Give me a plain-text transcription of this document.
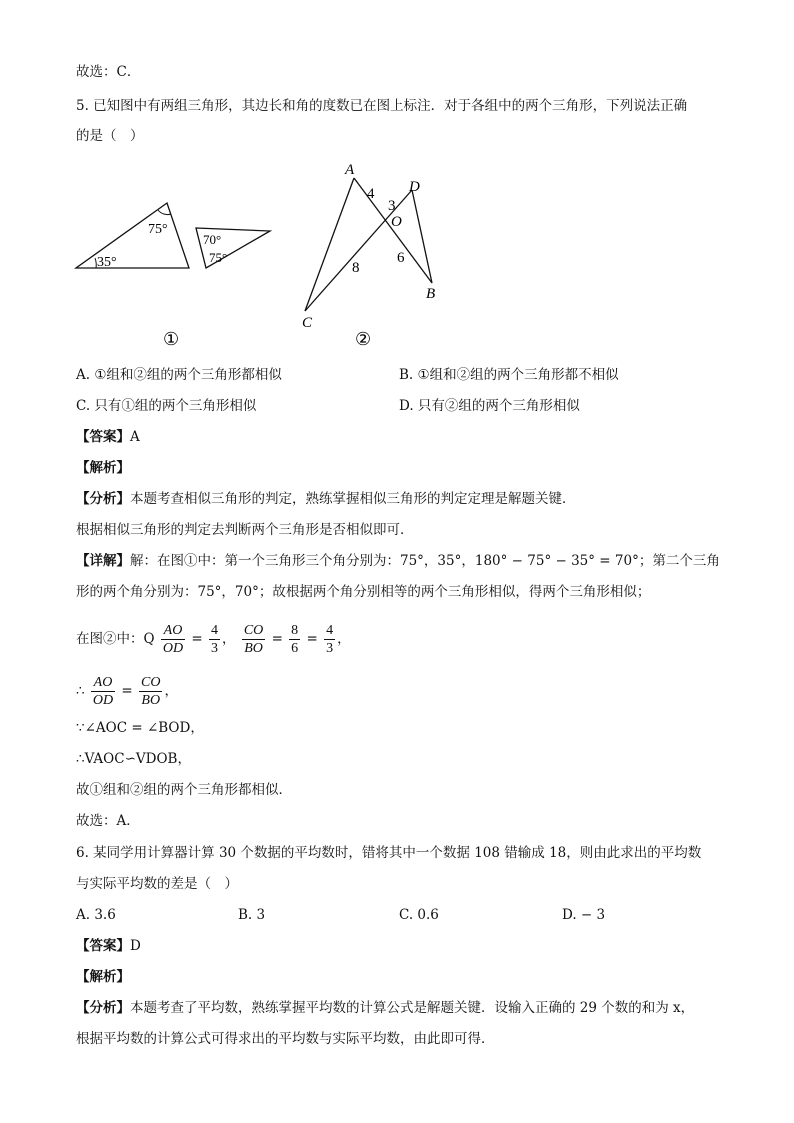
故选：C．
5. 已知图中有两组三角形，其边长和角的度数已在图上标注．对于各组中的两个三角形，下列说法正确
的是（　）
75°
35°
70°
75°
①
A
D
O
B
C
4
3
6
8
②
A. ①组和②组的两个三角形都相似	B. ①组和②组的两个三角形都不相似
C. 只有①组的两个三角形相似	D. 只有②组的两个三角形相似
【答案】A
【解析】
【分析】本题考查相似三角形的判定，熟练掌握相似三角形的判定定理是解题关键．
根据相似三角形的判定去判断两个三角形是否相似即可．
【详解】解：在图①中：第一个三角形三个角分别为：75°，35°，180° − 75° − 35° = 70°；第二个三角
形的两个角分别为：75°，70°；故根据两个角分别相等的两个三角形相似，得两个三角形相似；
在图②中：Q $\frac{AO}{OD} = \frac{4}{3}$ ， $\frac{CO}{BO} = \frac{8}{6} = \frac{4}{3}$ ，
∴ $\frac{AO}{OD} = \frac{CO}{BO}$ ，
∵∠AOC = ∠BOD，
∴VAOC∽VDOB，
故①组和②组的两个三角形都相似．
故选：A．
6. 某同学用计算器计算 30 个数据的平均数时，错将其中一个数据 108 错输成 18，则由此求出的平均数
与实际平均数的差是（　）
A. 3.6	B. 3	C. 0.6	D. − 3
【答案】D
【解析】
【分析】本题考查了平均数，熟练掌握平均数的计算公式是解题关键．设输入正确的 29 个数的和为 x，
根据平均数的计算公式可得求出的平均数与实际平均数，由此即可得．
